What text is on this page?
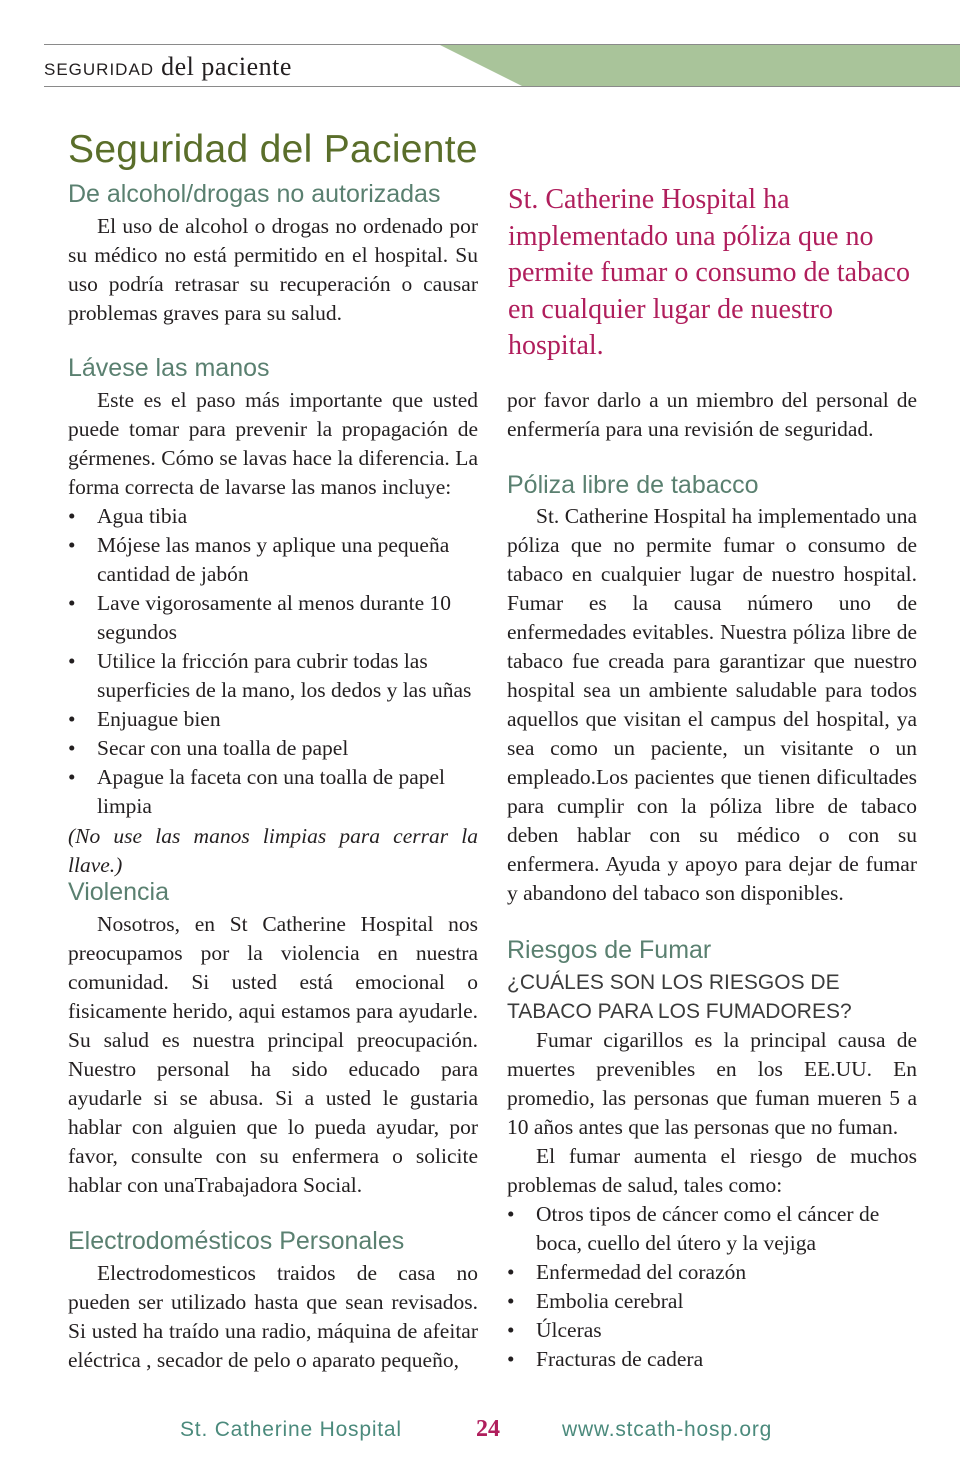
SEGURIDAD del paciente
Seguridad del Paciente
De alcohol/drogas no autorizadas

El uso de alcohol o drogas no ordenado por su médico no está permitido en el hospital. Su uso podría retrasar su recuperación o causar problemas graves para su salud.

Lávese las manos

Este es el paso más importante que usted puede tomar para prevenir la propagación de gérmenes. Cómo se lavas hace la diferencia. La forma correcta de lavarse las manos incluye:

• Agua tibia
• Mójese las manos y aplique una pequeña cantidad de jabón
• Lave vigorosamente al menos durante 10 segundos
• Utilice la fricción para cubrir todas las superficies de la mano, los dedos y las uñas
• Enjuague bien
• Secar con una toalla de papel
• Apague la faceta con una toalla de papel limpia

(No use las manos limpias para cerrar la llave.)

Violencia

Nosotros, en St Catherine Hospital nos preocupamos por la violencia en nuestra comunidad. Si usted está emocional o fisicamente herido, aqui estamos para ayudarle. Su salud es nuestra principal preocupación. Nuestro personal ha sido educado para ayudarle si se abusa. Si a usted le gustaria hablar con alguien que lo pueda ayudar, por favor, consulte con su enfermera o solicite hablar con unaTrabajadora Social.

Electrodomésticos Personales

Electrodomesticos traidos de casa no pueden ser utilizado hasta que sean revisados. Si usted ha traído una radio, máquina de afeitar eléctrica , secador de pelo o aparato pequeño,

St. Catherine Hospital ha implementado una póliza que no permite fumar o consumo de tabaco en cualquier lugar de nuestro hospital.

por favor darlo a un miembro del personal de enfermería para una revisión de seguridad.

Póliza libre de tabacco

St. Catherine Hospital ha implementado una póliza que no permite fumar o consumo de tabaco en cualquier lugar de nuestro hospital. Fumar es la causa número uno de enfermedades evitables. Nuestra póliza libre de tabaco fue creada para garantizar que nuestro hospital sea un ambiente saludable para todos aquellos que visitan el campus del hospital, ya sea como un paciente, un visitante o un empleado.Los pacientes que tienen dificultades para cumplir con la póliza libre de tabaco deben hablar con su médico o con su enfermera. Ayuda y apoyo para dejar de fumar y abandono del tabaco son disponibles.

Riesgos de Fumar

¿CUÁLES SON LOS RIESGOS DE TABACO PARA LOS FUMADORES?

Fumar cigarillos es la principal causa de muertes prevenibles en los EE.UU. En promedio, las personas que fuman mueren 5 a 10 años antes que las personas que no fuman.

El fumar aumenta el riesgo de muchos problemas de salud, tales como:

• Otros tipos de cáncer como el cáncer de boca, cuello del útero y la vejiga
• Enfermedad del corazón
• Embolia cerebral
• Úlceras
• Fracturas de cadera
St. Catherine Hospital	24	www.stcath-hosp.org
